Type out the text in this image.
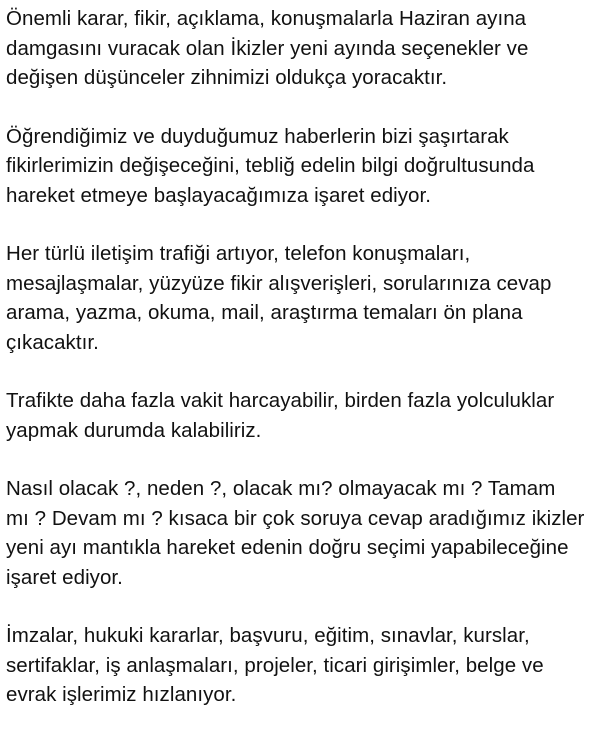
Önemli karar, fikir, açıklama, konuşmalarla Haziran ayına
damgasını vuracak olan İkizler yeni ayında seçenekler ve
değişen düşünceler zihnimizi oldukça yoracaktır.

Öğrendiğimiz ve duyduğumuz haberlerin bizi şaşırtarak
fikirlerimizin değişeceğini, tebliğ edelin bilgi doğrultusunda
hareket etmeye başlayacağımıza işaret ediyor.

Her türlü iletişim trafiği artıyor, telefon konuşmaları,
mesajlaşmalar, yüzyüze fikir alışverişleri, sorularınıza cevap
arama, yazma, okuma, mail, araştırma temaları ön plana
çıkacaktır.

Trafikte daha fazla vakit harcayabilir, birden fazla yolculuklar
yapmak durumda kalabiliriz.

Nasıl olacak ?, neden ?, olacak mı? olmayacak mı ? Tamam
mı ? Devam mı ? kısaca bir çok soruya cevap aradığımız ikizler
yeni ayı mantıkla hareket edenin doğru seçimi yapabileceğine
işaret ediyor.

İmzalar, hukuki kararlar, başvuru, eğitim, sınavlar, kurslar,
sertifaklar, iş anlaşmaları, projeler, ticari girişimler, belge ve
evrak işlerimiz hızlanıyor.
